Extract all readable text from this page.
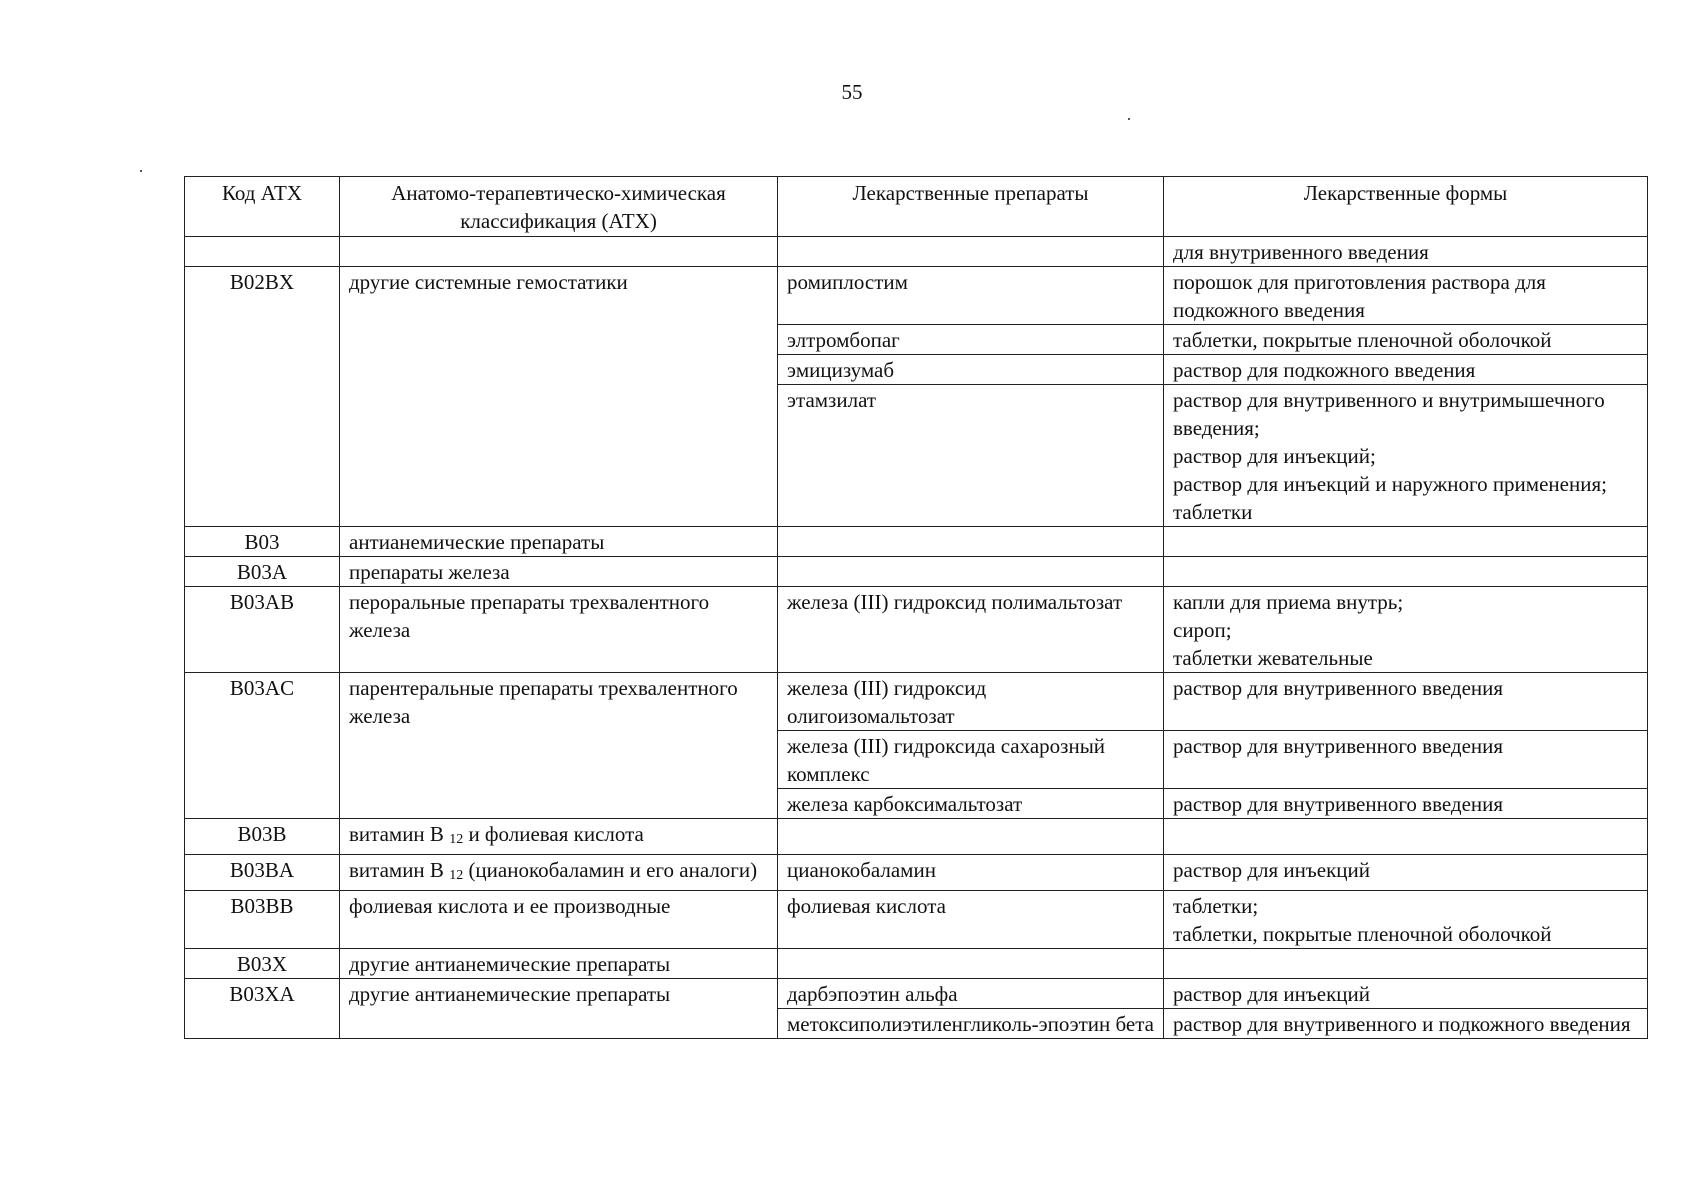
55
Код АТХ	Анатомо-терапевтическо-химическая классификация (АТХ)	Лекарственные препараты	Лекарственные формы
			для внутривенного введения
B02BX	другие системные гемостатики	ромиплостим	порошок для приготовления раствора для подкожного введения
		элтромбопаг	таблетки, покрытые пленочной оболочкой
		эмицизумаб	раствор для подкожного введения
		этамзилат	раствор для внутривенного и внутримышечного введения;
раствор для инъекций;
раствор для инъекций и наружного применения;
таблетки

B03	антианемические препараты		
B03A	препараты железа		
B03AB	пероральные препараты трехвалентного железа	железа (III) гидроксид полимальтозат	капли для приема внутрь;
сироп;
таблетки жевательные

B03AC	парентеральные препараты трехвалентного железа	железа (III) гидроксид олигоизомальтозат	раствор для внутривенного введения
		железа (III) гидроксида сахарозный комплекс	раствор для внутривенного введения
		железа карбоксимальтозат	раствор для внутривенного введения
B03B	витамин В 12 и фолиевая кислота		
B03BA	витамин В 12 (цианокобаламин и его аналоги)	цианокобаламин	раствор для инъекций
B03BB	фолиевая кислота и ее производные	фолиевая кислота	таблетки;
таблетки, покрытые пленочной оболочкой

B03X	другие антианемические препараты		
B03XA	другие антианемические препараты	дарбэпоэтин альфа	раствор для инъекций
		метоксиполиэтиленгликоль-эпоэтин бета	раствор для внутривенного и подкожного введения
